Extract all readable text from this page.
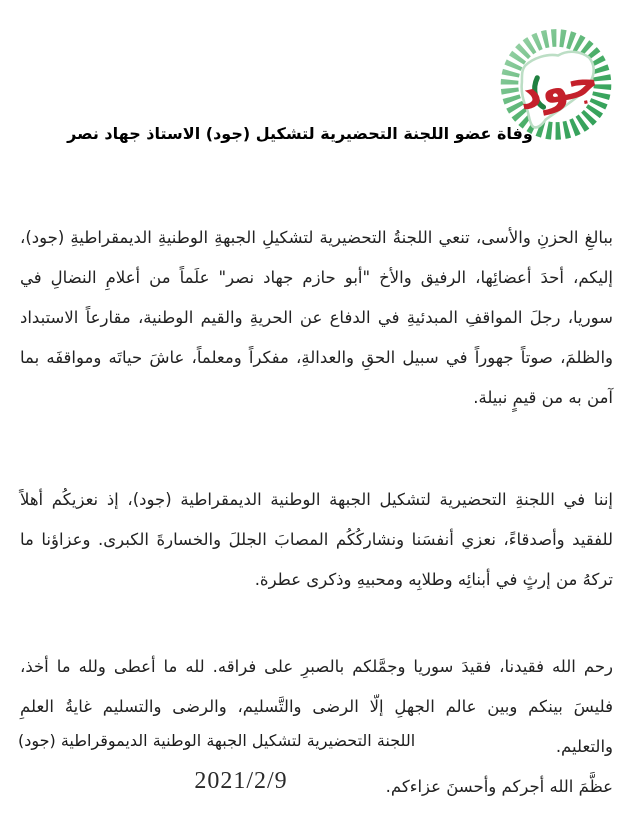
جود
وفاة عضو اللجنة التحضيرية لتشكيل (جود) الاستاذ جهاد نصر

ببالغِ الحزنِ والأسى، تنعي اللجنةُ التحضيرية لتشكيلِ الجبهةِ الوطنيةِ الديمقراطيةِ (جود)، إليكم، أحدَ أعضائِها، الرفيق والأخ "أبو حازم جهاد نصر" علَماً من أعلامِ النضالِ في سوريا، رجلَ المواقفِ المبدئيةِ في الدفاع عن الحريةِ والقيم الوطنية، مقارعاً الاستبداد والظلمَ، صوتاً جهوراً في سبيل الحقِ والعدالةِ، مفكراً ومعلماً، عاشَ حياتَه ومواقفَه بما آمن به من قيمٍ نبيلة.

إننا في اللجنةِ التحضيرية لتشكيل الجبهة الوطنية الديمقراطية (جود)، إذ نعزيكُم أهلاً للفقيد وأصدقاءً، نعزي أنفسَنا ونشاركُكُم المصابَ الجللَ والخسارةَ الكبرى. وعزاؤنا ما تركهُ من إرثٍ في أبنائِه وطلابِه ومحبيهِ وذكرى عطرة.

رحم الله فقيدنا، فقيدَ سوريا وجمَّلكم بالصبرِ على فراقه. لله ما أعطى ولله ما أخذ، فليسَ بينكم وبين عالم الجهلِ إلّا الرضى والتَّسليم، والرضى والتسليم غايةُ العلمِ والتعليم.

عظَّمَ الله أجركم وأحسنَ عزاءكم.

اللجنة التحضيرية لتشكيل الجبهة الوطنية الديموقراطية (جود)
2021/2/9
